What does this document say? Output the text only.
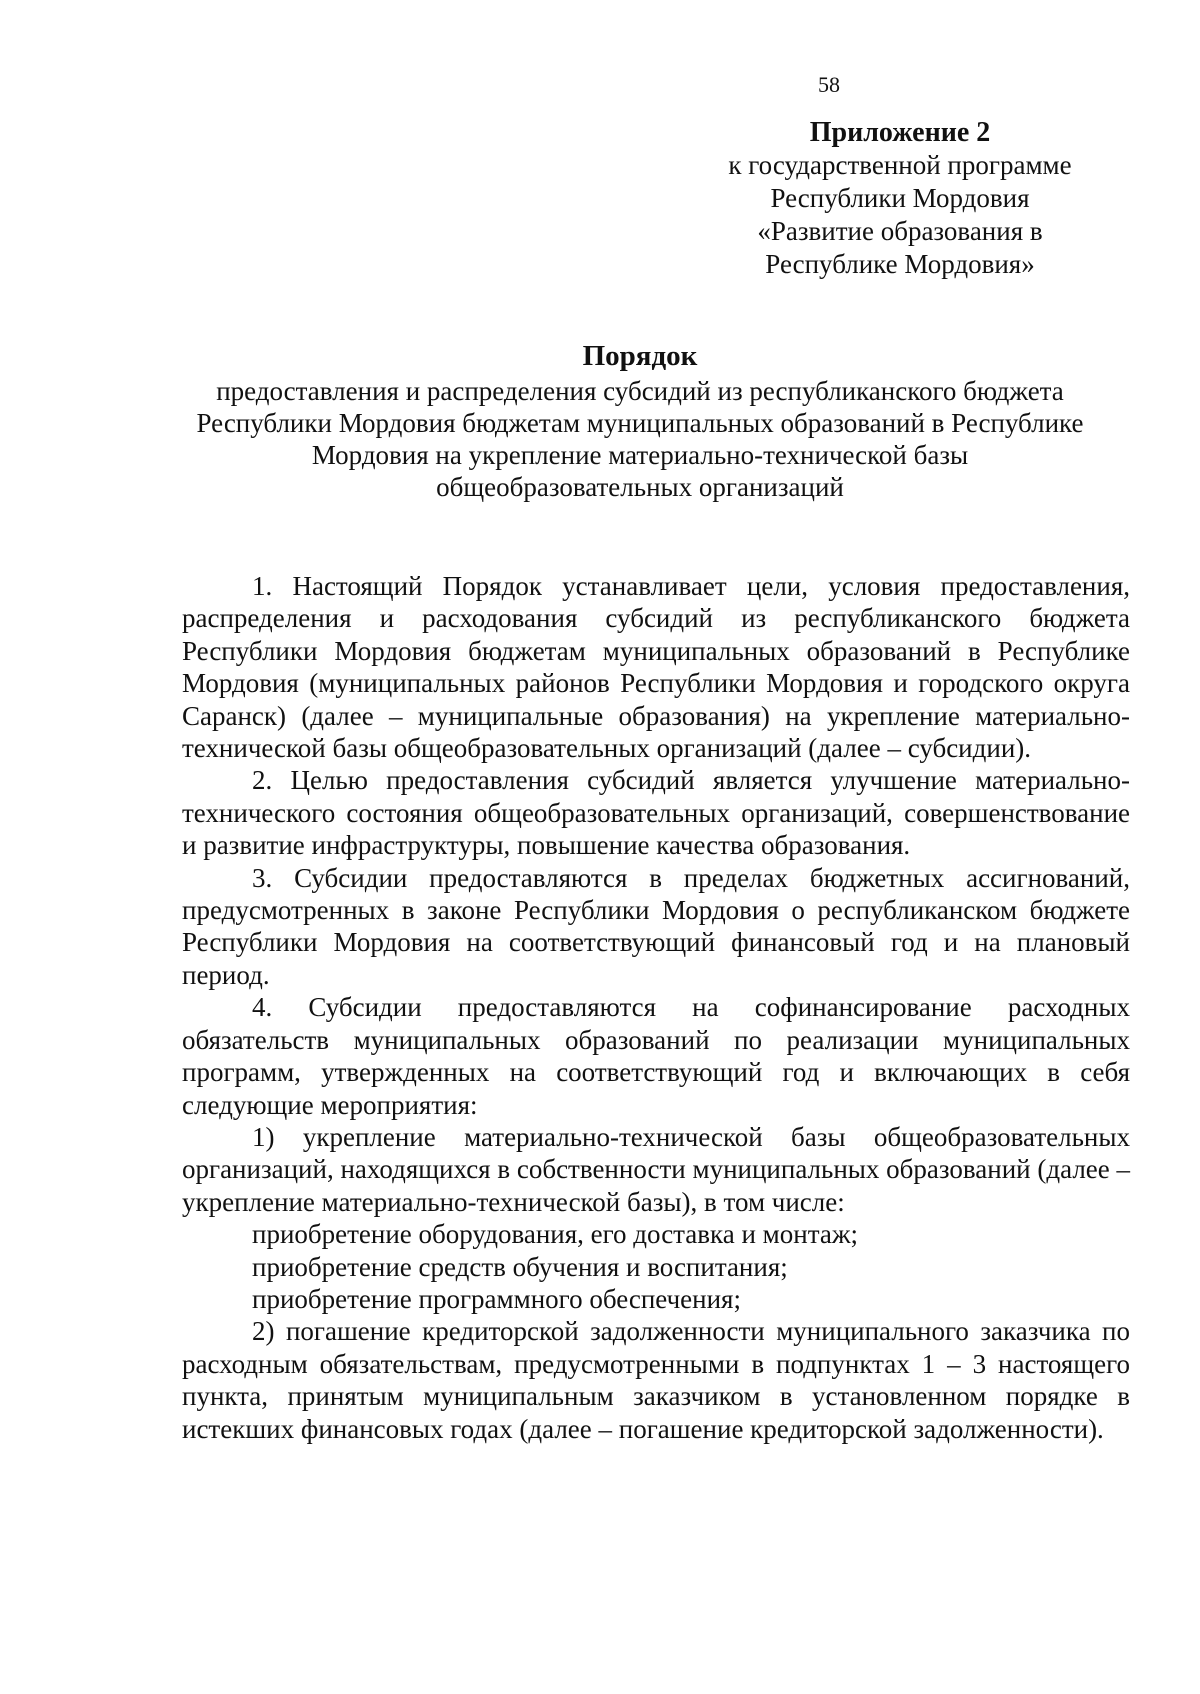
58
Приложение 2
к государственной программе
Республики Мордовия
«Развитие образования в
Республике Мордовия»
Порядок
предоставления и распределения субсидий из республиканского бюджета
Республики Мордовия бюджетам муниципальных образований в Республике
Мордовия на укрепление материально-технической базы
общеобразовательных организаций

1. Настоящий Порядок устанавливает цели, условия предоставления, распределения и расходования субсидий из республиканского бюджета Республики Мордовия бюджетам муниципальных образований в Республике Мордовия (муниципальных районов Республики Мордовия и городского округа Саранск) (далее – муниципальные образования) на укрепление материально-технической базы общеобразовательных организаций (далее – субсидии).

2. Целью предоставления субсидий является улучшение материально-технического состояния общеобразовательных организаций, совершенствование и развитие инфраструктуры, повышение качества образования.

3. Субсидии предоставляются в пределах бюджетных ассигнований, предусмотренных в законе Республики Мордовия о республиканском бюджете Республики Мордовия на соответствующий финансовый год и на плановый период.

4. Субсидии предоставляются на софинансирование расходных обязательств муниципальных образований по реализации муниципальных программ, утвержденных на соответствующий год и включающих в себя следующие мероприятия:

1) укрепление материально-технической базы общеобразовательных организаций, находящихся в собственности муниципальных образований (далее – укрепление материально-технической базы), в том числе:

приобретение оборудования, его доставка и монтаж;

приобретение средств обучения и воспитания;

приобретение программного обеспечения;

2) погашение кредиторской задолженности муниципального заказчика по расходным обязательствам, предусмотренными в подпунктах 1 – 3 настоящего пункта, принятым муниципальным заказчиком в установленном порядке в истекших финансовых годах (далее – погашение кредиторской задолженности).
